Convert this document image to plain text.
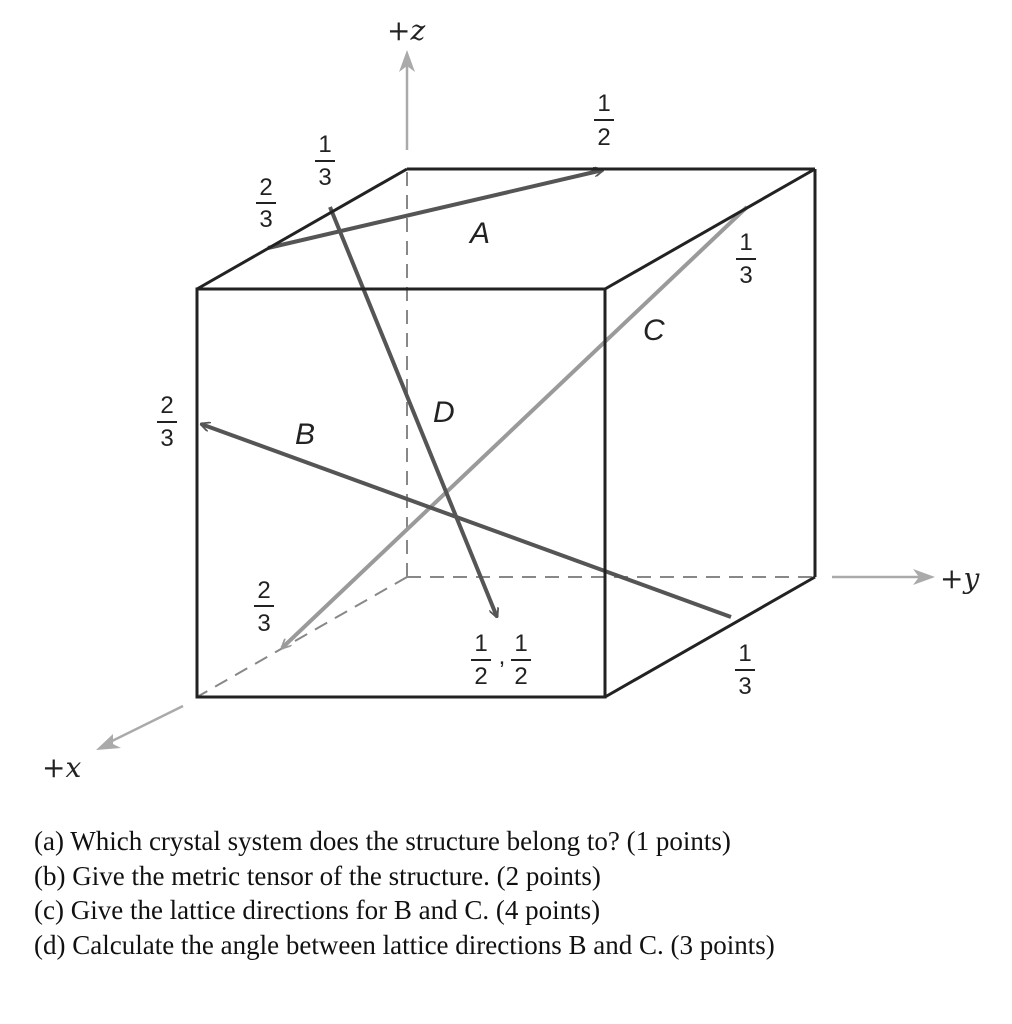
+z
+y
+x
A
B
C
D
2
3
1
3
1
2
1
3
2
3
2
3
1
2
, 1
2
1
3
(a) Which crystal system does the structure belong to? (1 points)
(b) Give the metric tensor of the structure. (2 points)
(c) Give the lattice directions for B and C. (4 points)
(d) Calculate the angle between lattice directions B and C. (3 points)
